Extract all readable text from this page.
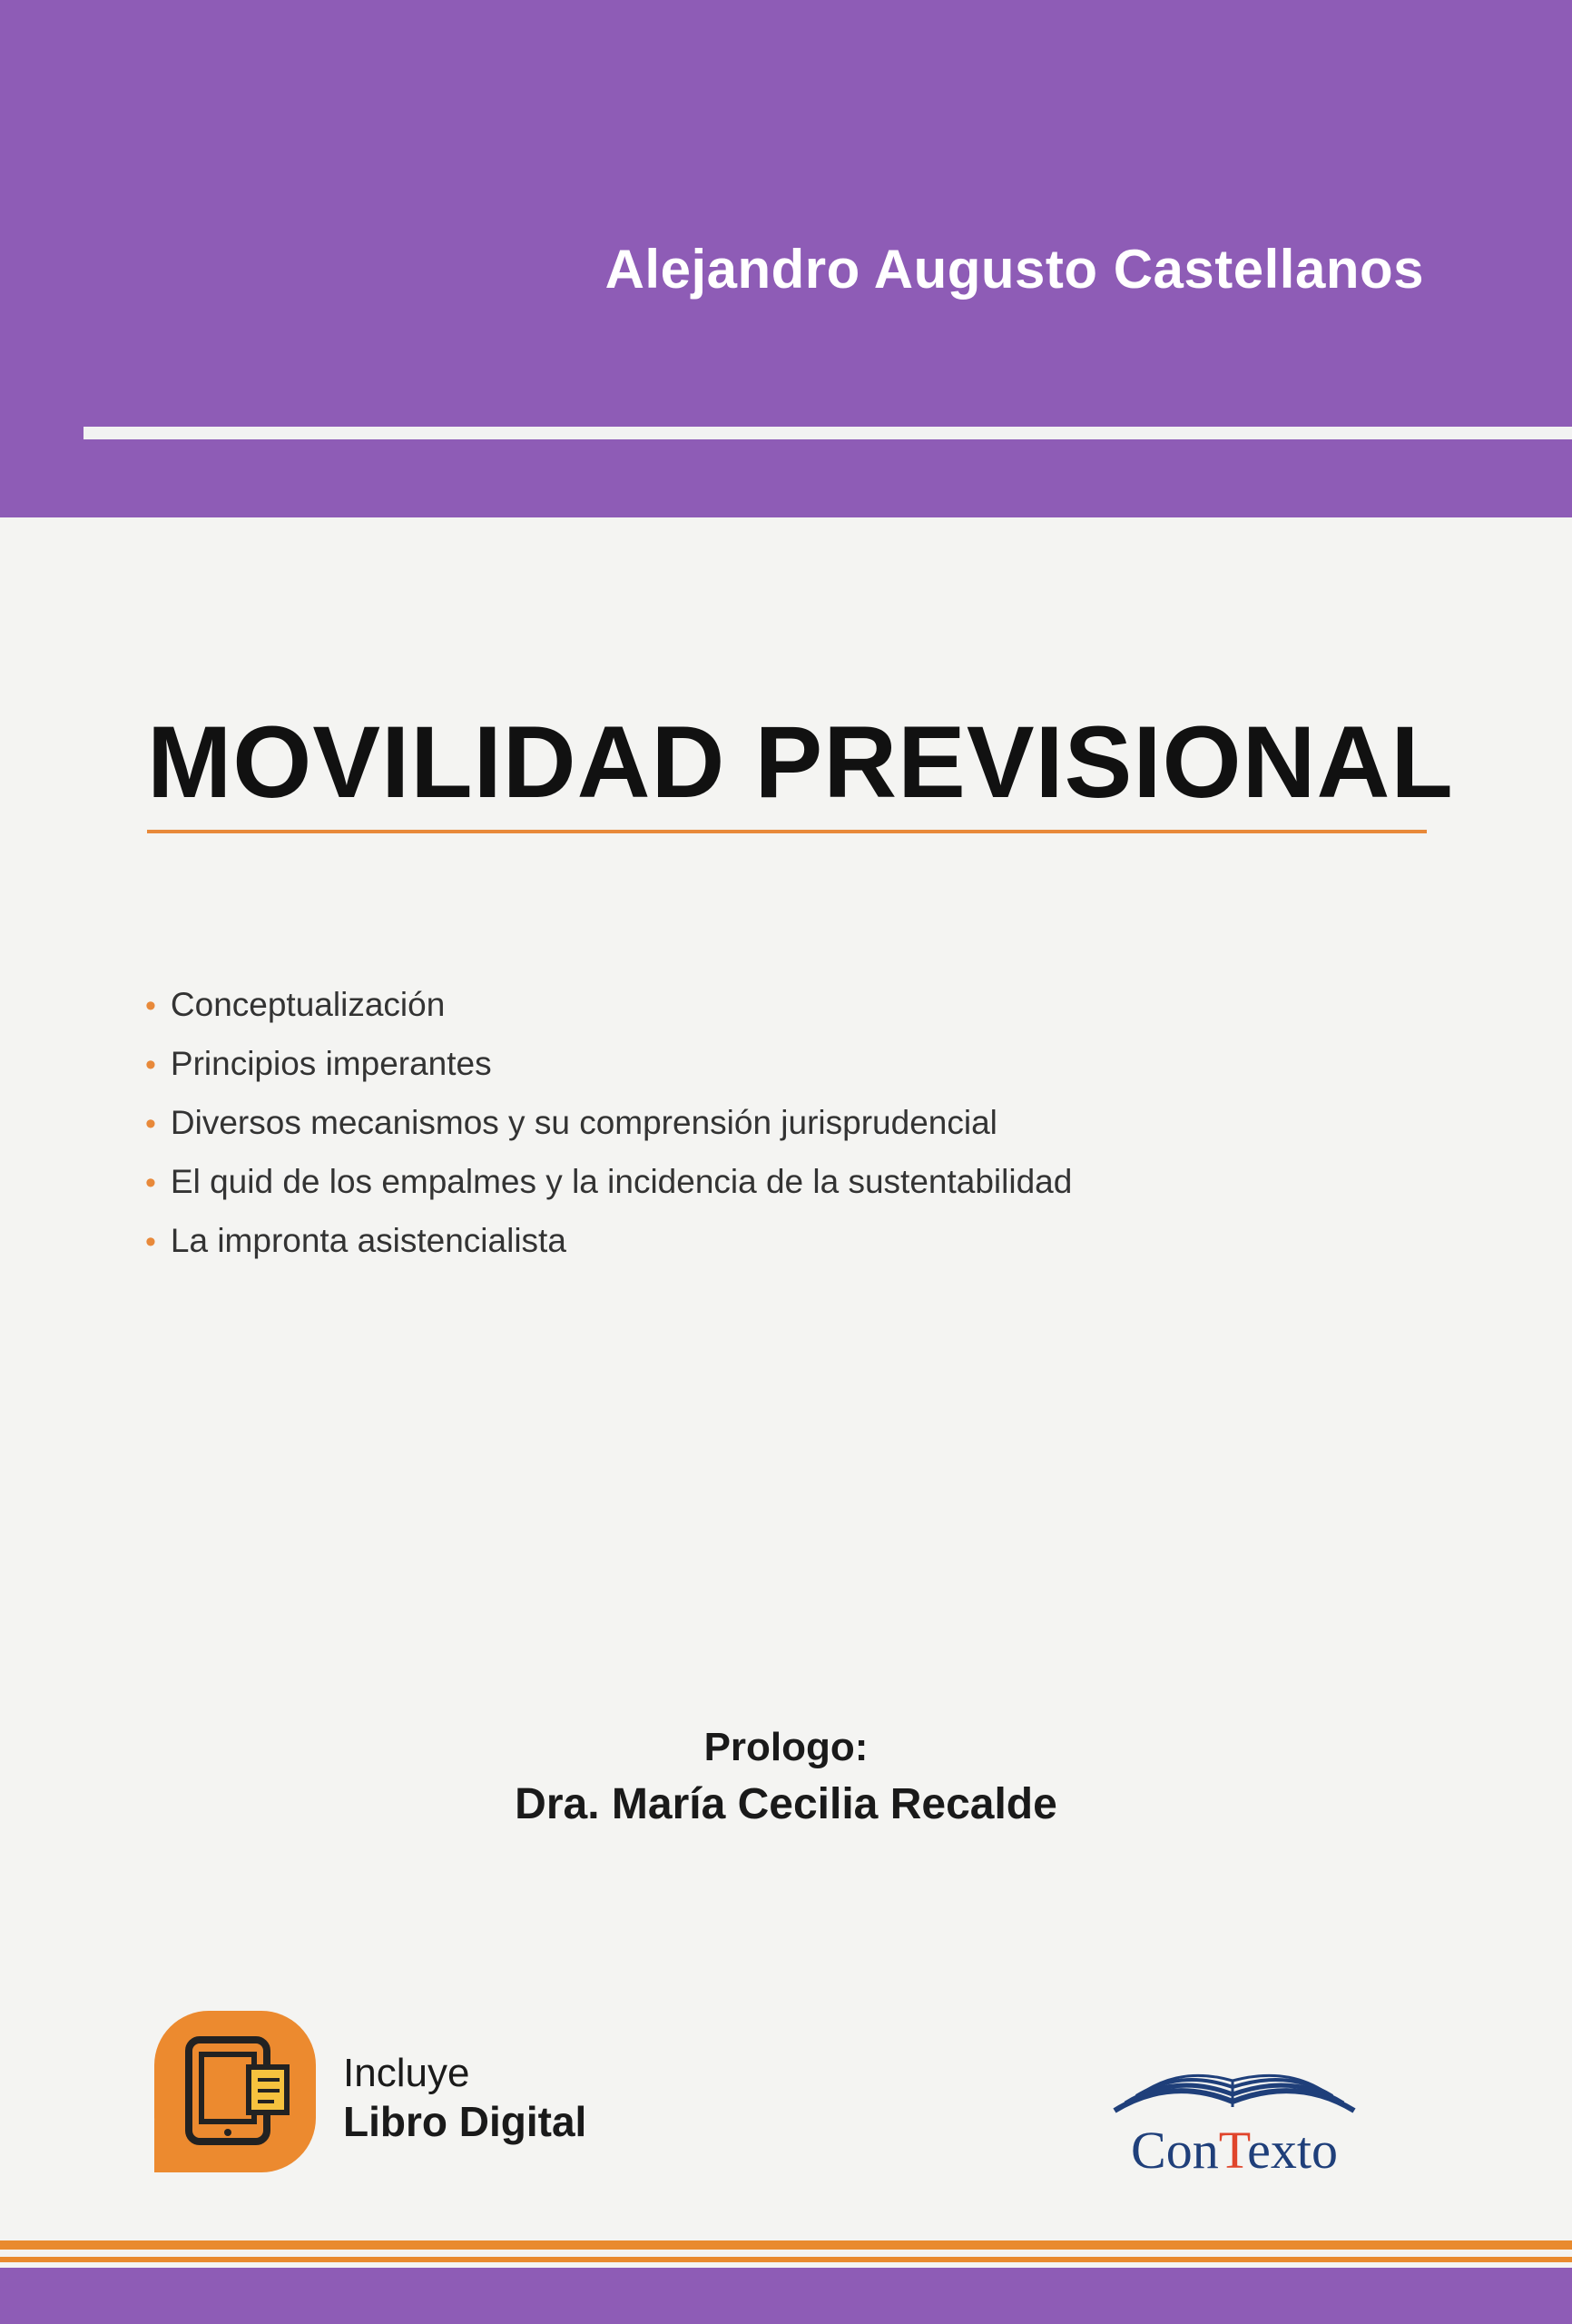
Alejandro Augusto Castellanos
MOVILIDAD PREVISIONAL
• Conceptualización
• Principios imperantes
• Diversos mecanismos y su comprensión jurisprudencial
• El quid de los empalmes y la incidencia de la sustentabilidad
• La impronta asistencialista
Prologo:
Dra. María Cecilia Recalde
Incluye
Libro Digital	ConTexto
